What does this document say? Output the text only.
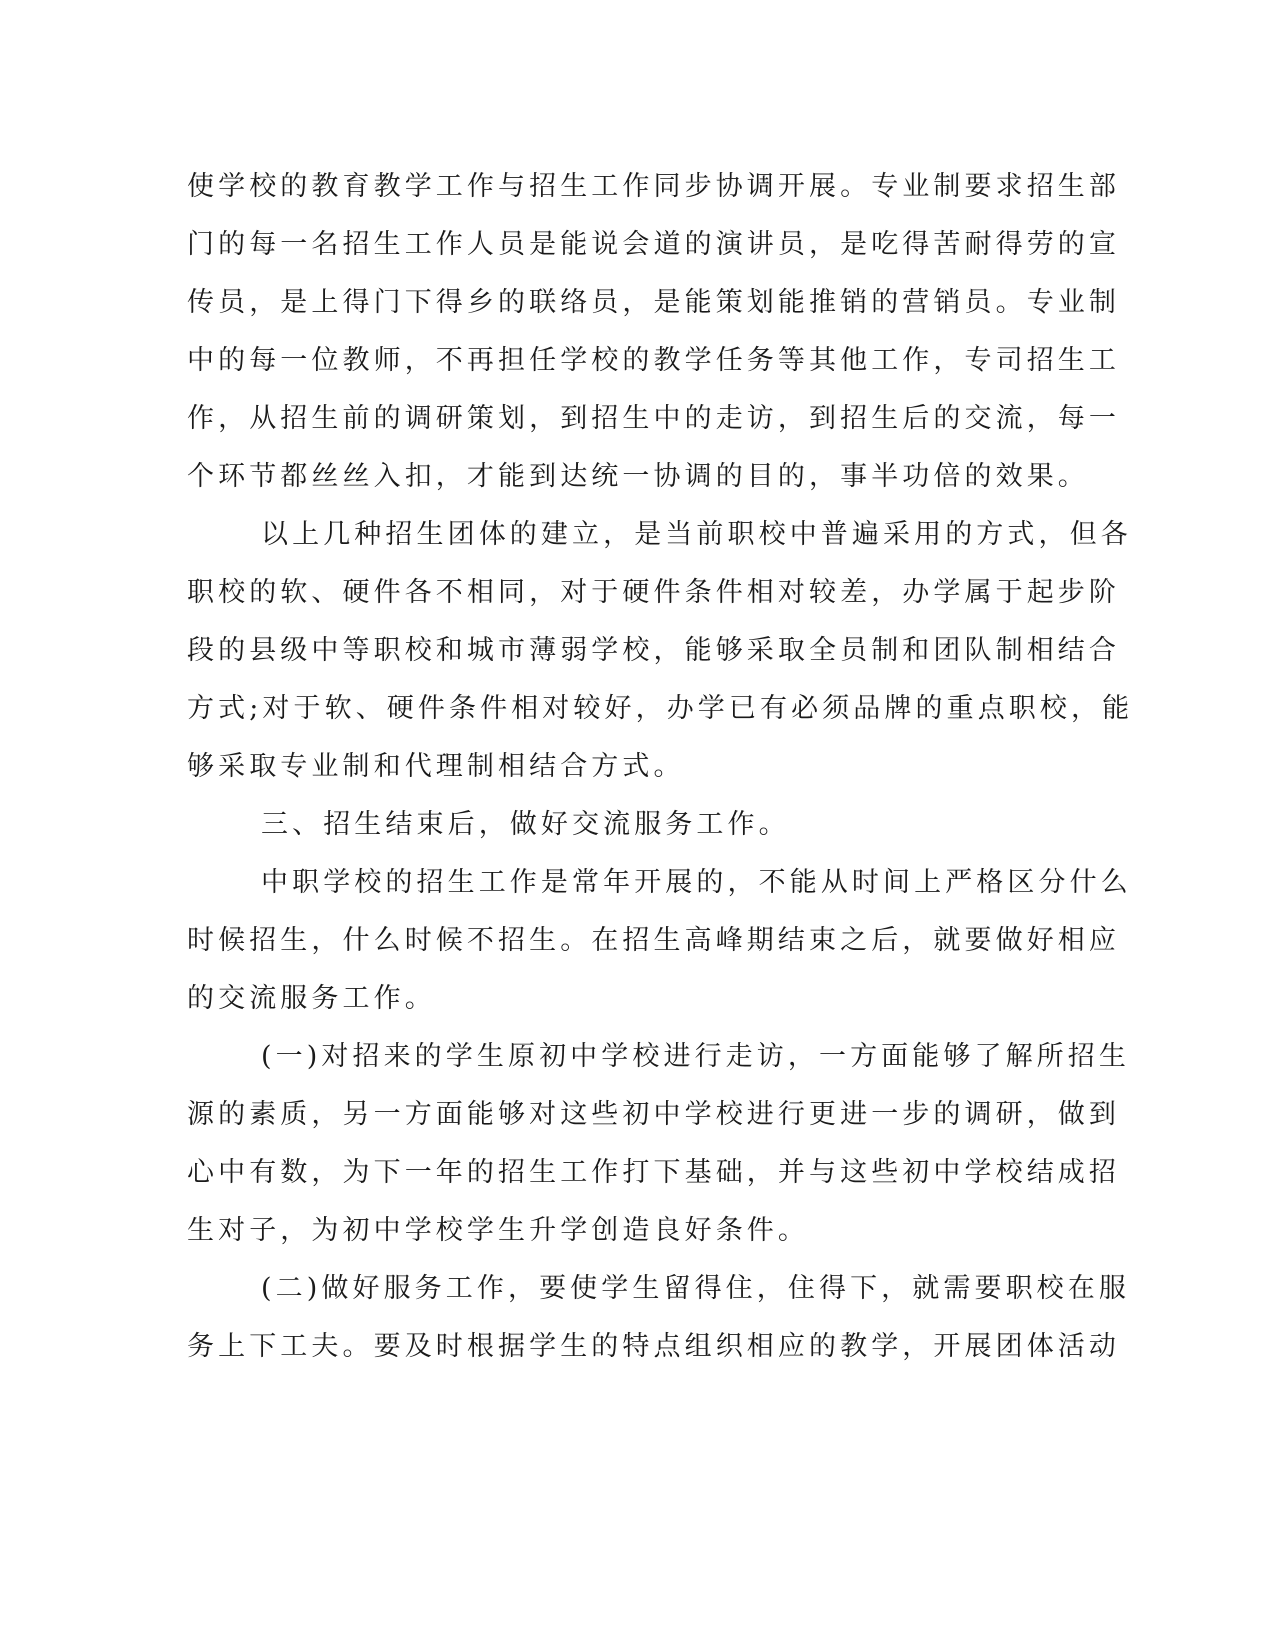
使学校的教育教学工作与招生工作同步协调开展。专业制要求招生部
门的每一名招生工作人员是能说会道的演讲员，是吃得苦耐得劳的宣
传员，是上得门下得乡的联络员，是能策划能推销的营销员。专业制
中的每一位教师，不再担任学校的教学任务等其他工作，专司招生工
作，从招生前的调研策划，到招生中的走访，到招生后的交流，每一
个环节都丝丝入扣，才能到达统一协调的目的，事半功倍的效果。
以上几种招生团体的建立，是当前职校中普遍采用的方式，但各
职校的软、硬件各不相同，对于硬件条件相对较差，办学属于起步阶
段的县级中等职校和城市薄弱学校，能够采取全员制和团队制相结合
方式;对于软、硬件条件相对较好，办学已有必须品牌的重点职校，能
够采取专业制和代理制相结合方式。
三、招生结束后，做好交流服务工作。
中职学校的招生工作是常年开展的，不能从时间上严格区分什么
时候招生，什么时候不招生。在招生高峰期结束之后，就要做好相应
的交流服务工作。
(一)对招来的学生原初中学校进行走访，一方面能够了解所招生
源的素质，另一方面能够对这些初中学校进行更进一步的调研，做到
心中有数，为下一年的招生工作打下基础，并与这些初中学校结成招
生对子，为初中学校学生升学创造良好条件。
(二)做好服务工作，要使学生留得住，住得下，就需要职校在服
务上下工夫。要及时根据学生的特点组织相应的教学，开展团体活动
